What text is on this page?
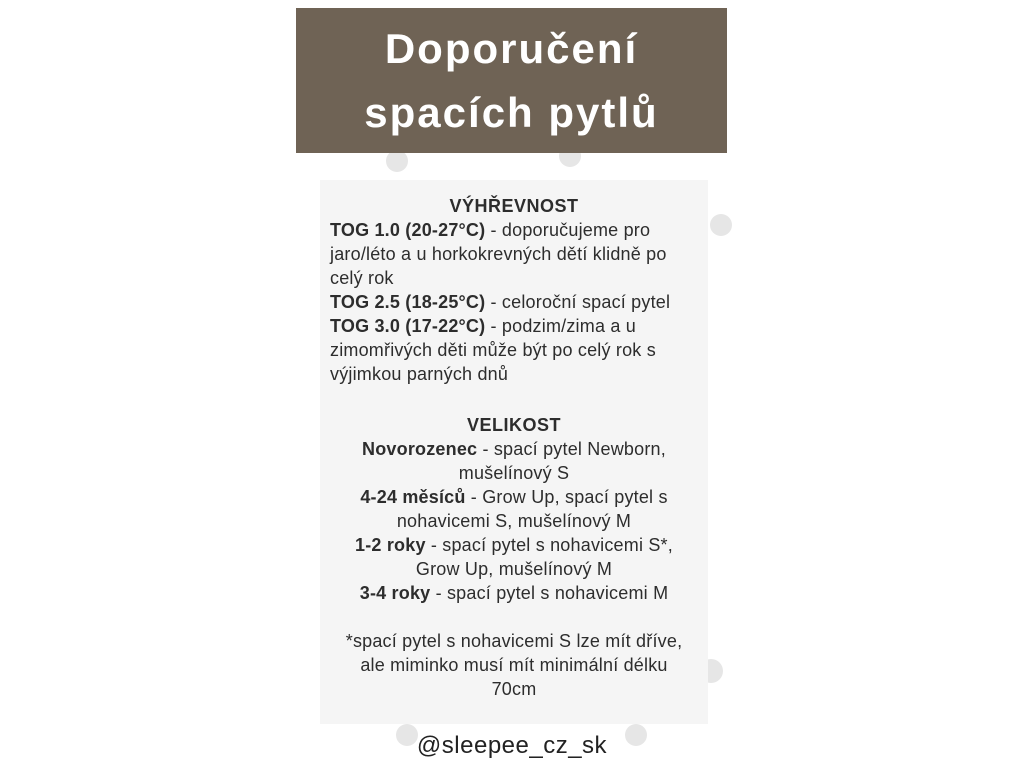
Doporučení
spacích pytlů
VÝHŘEVNOST
TOG 1.0 (20-27°C) - doporučujeme pro
jaro/léto a u horkokrevných dětí klidně po
celý rok
TOG 2.5 (18-25°C) - celoroční spací pytel
TOG 3.0 (17-22°C) - podzim/zima a u
zimomřivých děti může být po celý rok s
výjimkou parných dnů
VELIKOST
Novorozenec - spací pytel Newborn,
mušelínový S
4-24 měsíců - Grow Up, spací pytel s
nohavicemi S, mušelínový M
1-2 roky - spací pytel s nohavicemi S*,
Grow Up, mušelínový M
3-4 roky - spací pytel s nohavicemi M
*spací pytel s nohavicemi S lze mít dříve,
ale miminko musí mít minimální délku
70cm
@sleepee_cz_sk
